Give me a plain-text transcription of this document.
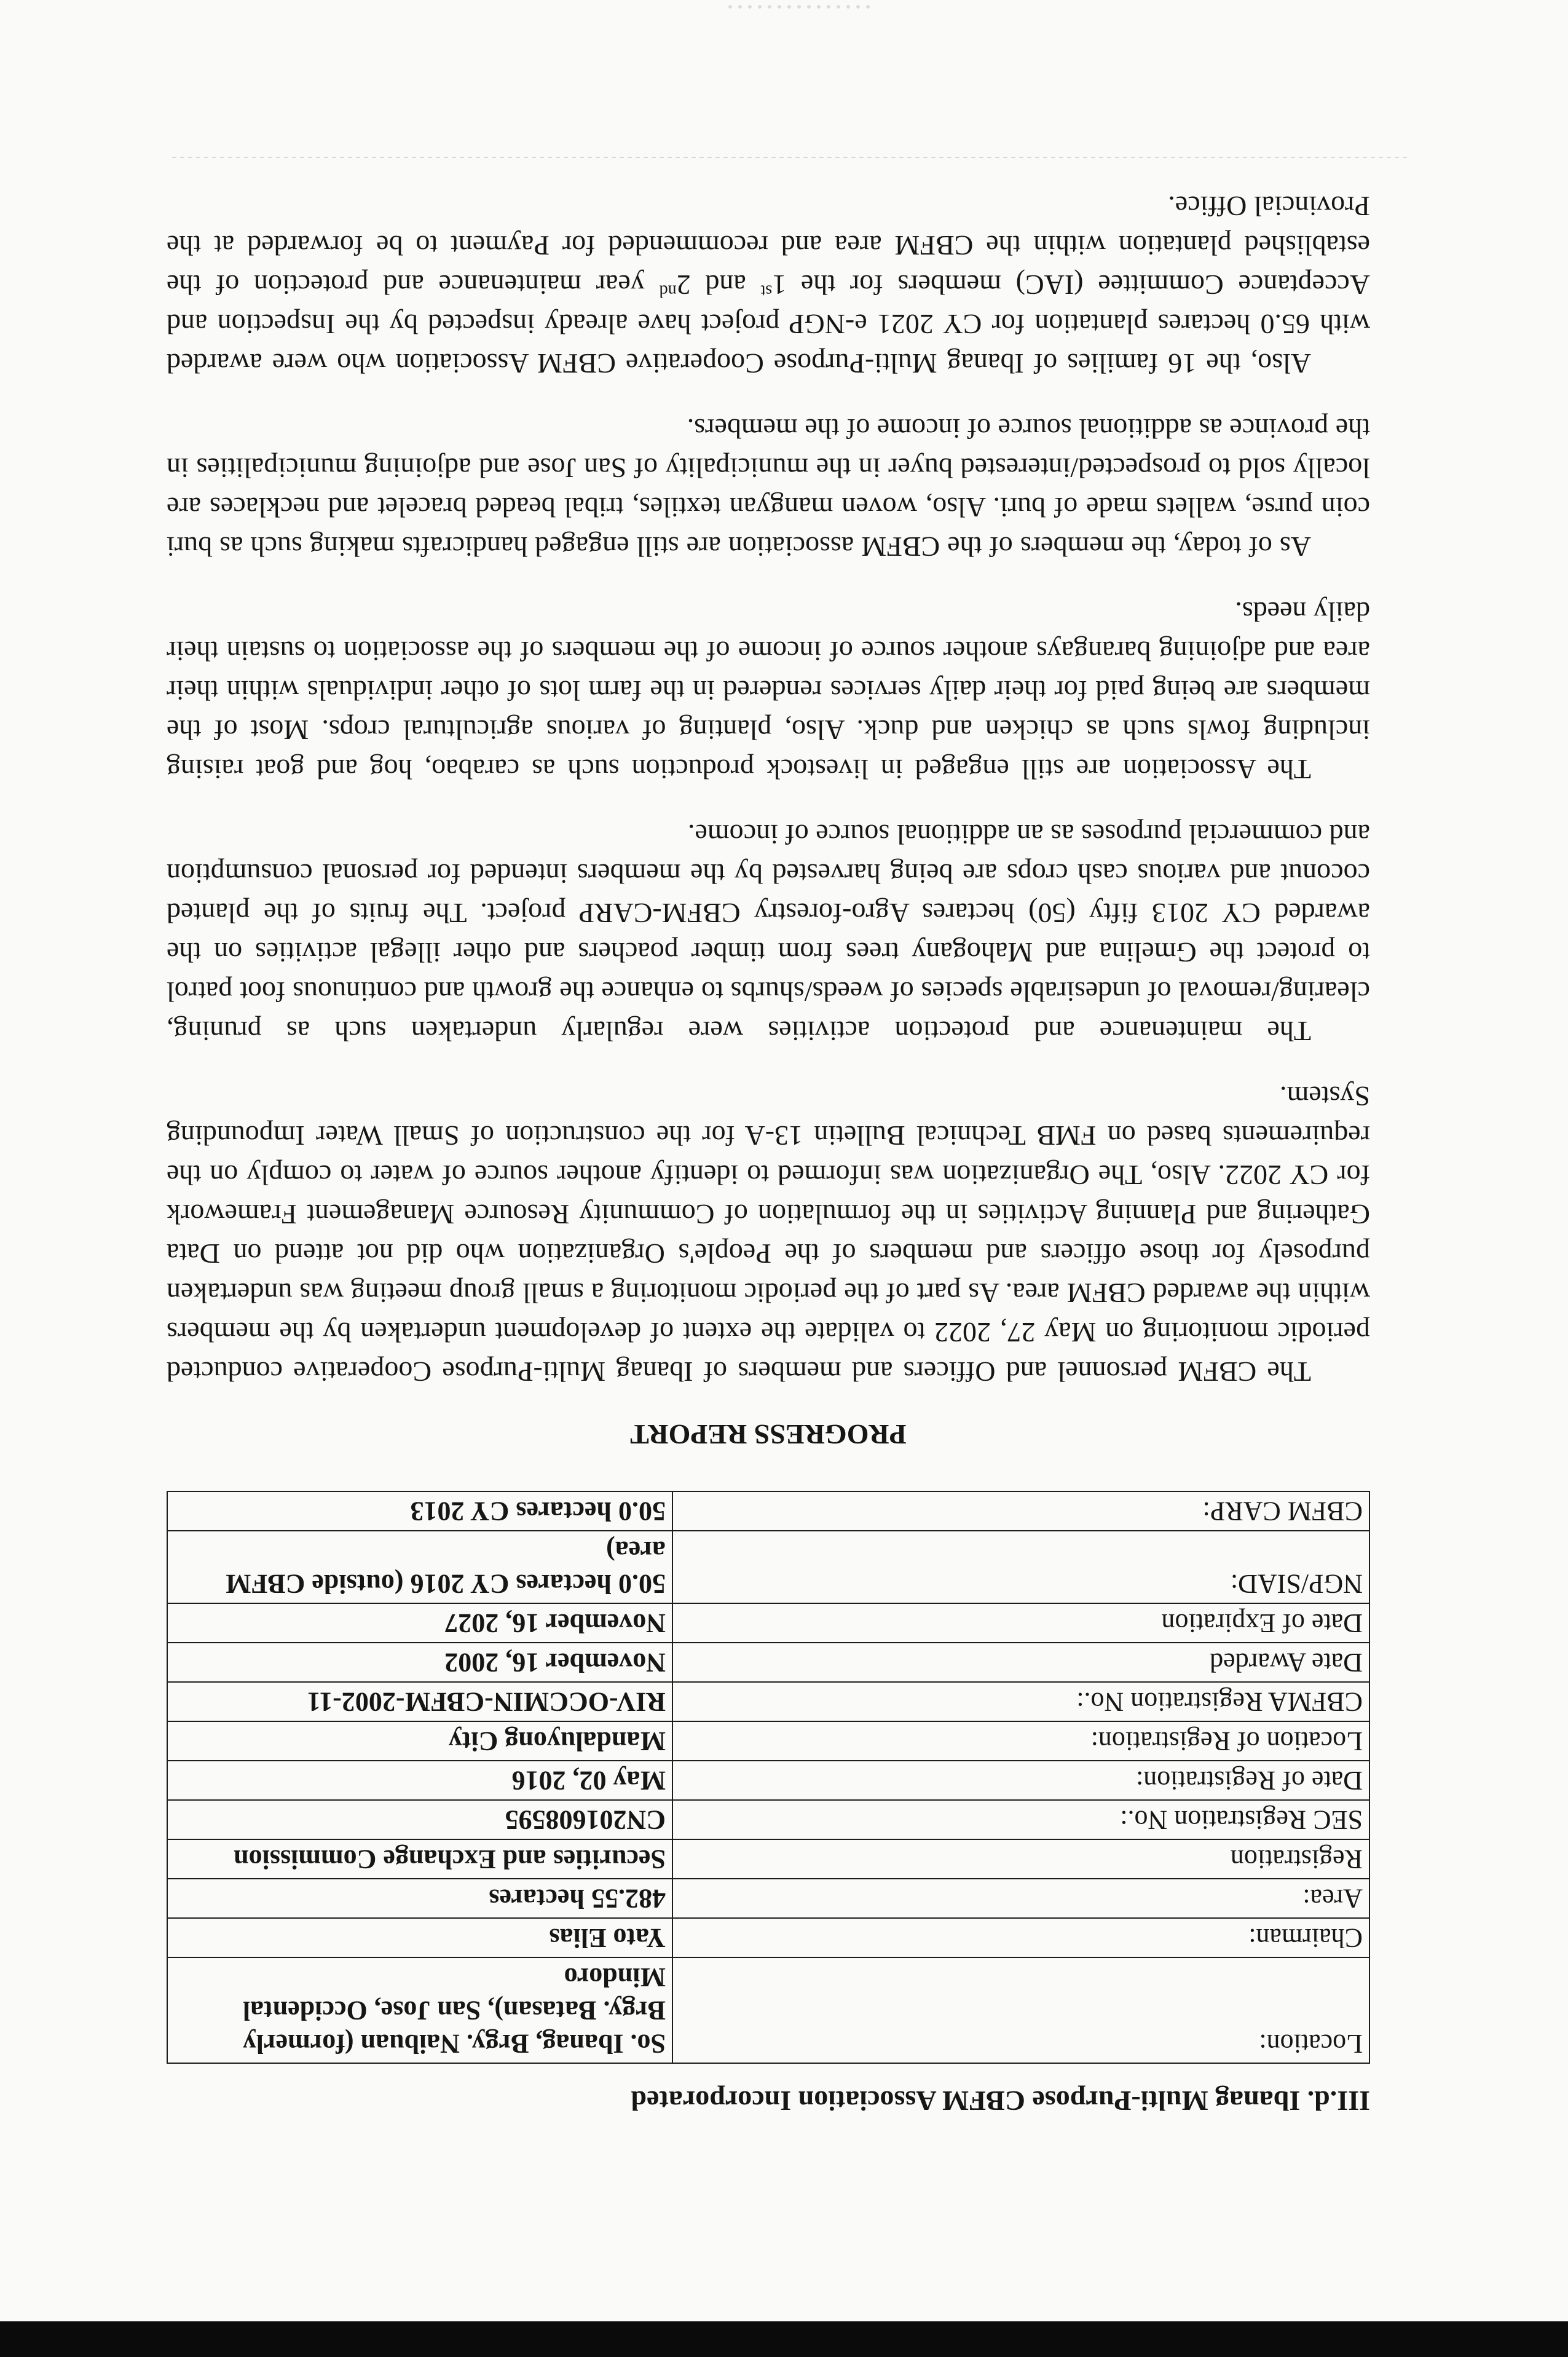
III.d. Ibanag Multi-Purpose CBFM Association Incorporated
Location:	So. Ibanag, Brgy. Naibuan (formerly Brgy. Batasan), San Jose, Occidental Mindoro
Chairman:	Yato Elias
Area:	482.55 hectares
Registration	Securities and Exchange Commission
SEC Registration No.:	CN201608595
Date of Registration:	May 02, 2016
Location of Registration:	Mandaluyong City
CBFMA Registration No.:	RIV-OCCMIN-CBFM-2002-11
Date Awarded	November 16, 2002
Date of Expiration	November 16, 2027
NGP/SIAD:	50.0 hectares CY 2016 (outside CBFM area)
CBFM CARP:	50.0 hectares CY 2013
PROGRESS REPORT

The CBFM personnel and Officers and members of Ibanag Multi-Purpose Cooperative conducted periodic monitoring on May 27, 2022 to validate the extent of development undertaken by the members within the awarded CBFM area. As part of the periodic monitoring a small group meeting was undertaken purposely for those officers and members of the People's Organization who did not attend on Data Gathering and Planning Activities in the formulation of Community Resource Management Framework for CY 2022. Also, The Organization was informed to identify another source of water to comply on the requirements based on FMB Technical Bulletin 13-A for the construction of Small Water Impounding System.

The maintenance and protection activities were regularly undertaken such as pruning, clearing/removal of undesirable species of weeds/shurbs to enhance the growth and continuous foot patrol to protect the Gmelina and Mahogany trees from timber poachers and other illegal activities on the awarded CY 2013 fifty (50) hectares Agro-forestry CBFM-CARP project. The fruits of the planted coconut and various cash crops are being harvested by the members intended for personal consumption and commercial purposes as an additional source of income.

The Association are still engaged in livestock production such as carabao, hog and goat raising including fowls such as chicken and duck. Also, planting of various agricultural crops. Most of the members are being paid for their daily services rendered in the farm lots of other individuals within their area and adjoining barangays another source of income of the members of the association to sustain their daily needs.

As of today, the members of the CBFM association are still engaged handicrafts making such as buri coin purse, wallets made of buri. Also, woven mangyan textiles, tribal beaded bracelet and necklaces are locally sold to prospected/interested buyer in the municipality of San Jose and adjoining municipalities in the province as additional source of income of the members.

Also, the 16 families of Ibanag Multi-Purpose Cooperative CBFM Association who were awarded with 65.0 hectares plantation for CY 2021 e-NGP project have already inspected by the Inspection and Acceptance Committee (IAC) members for the 1st and 2nd year maintenance and protection of the established plantation within the CBFM area and recommended for Payment to be forwarded at the Provincial Office.
